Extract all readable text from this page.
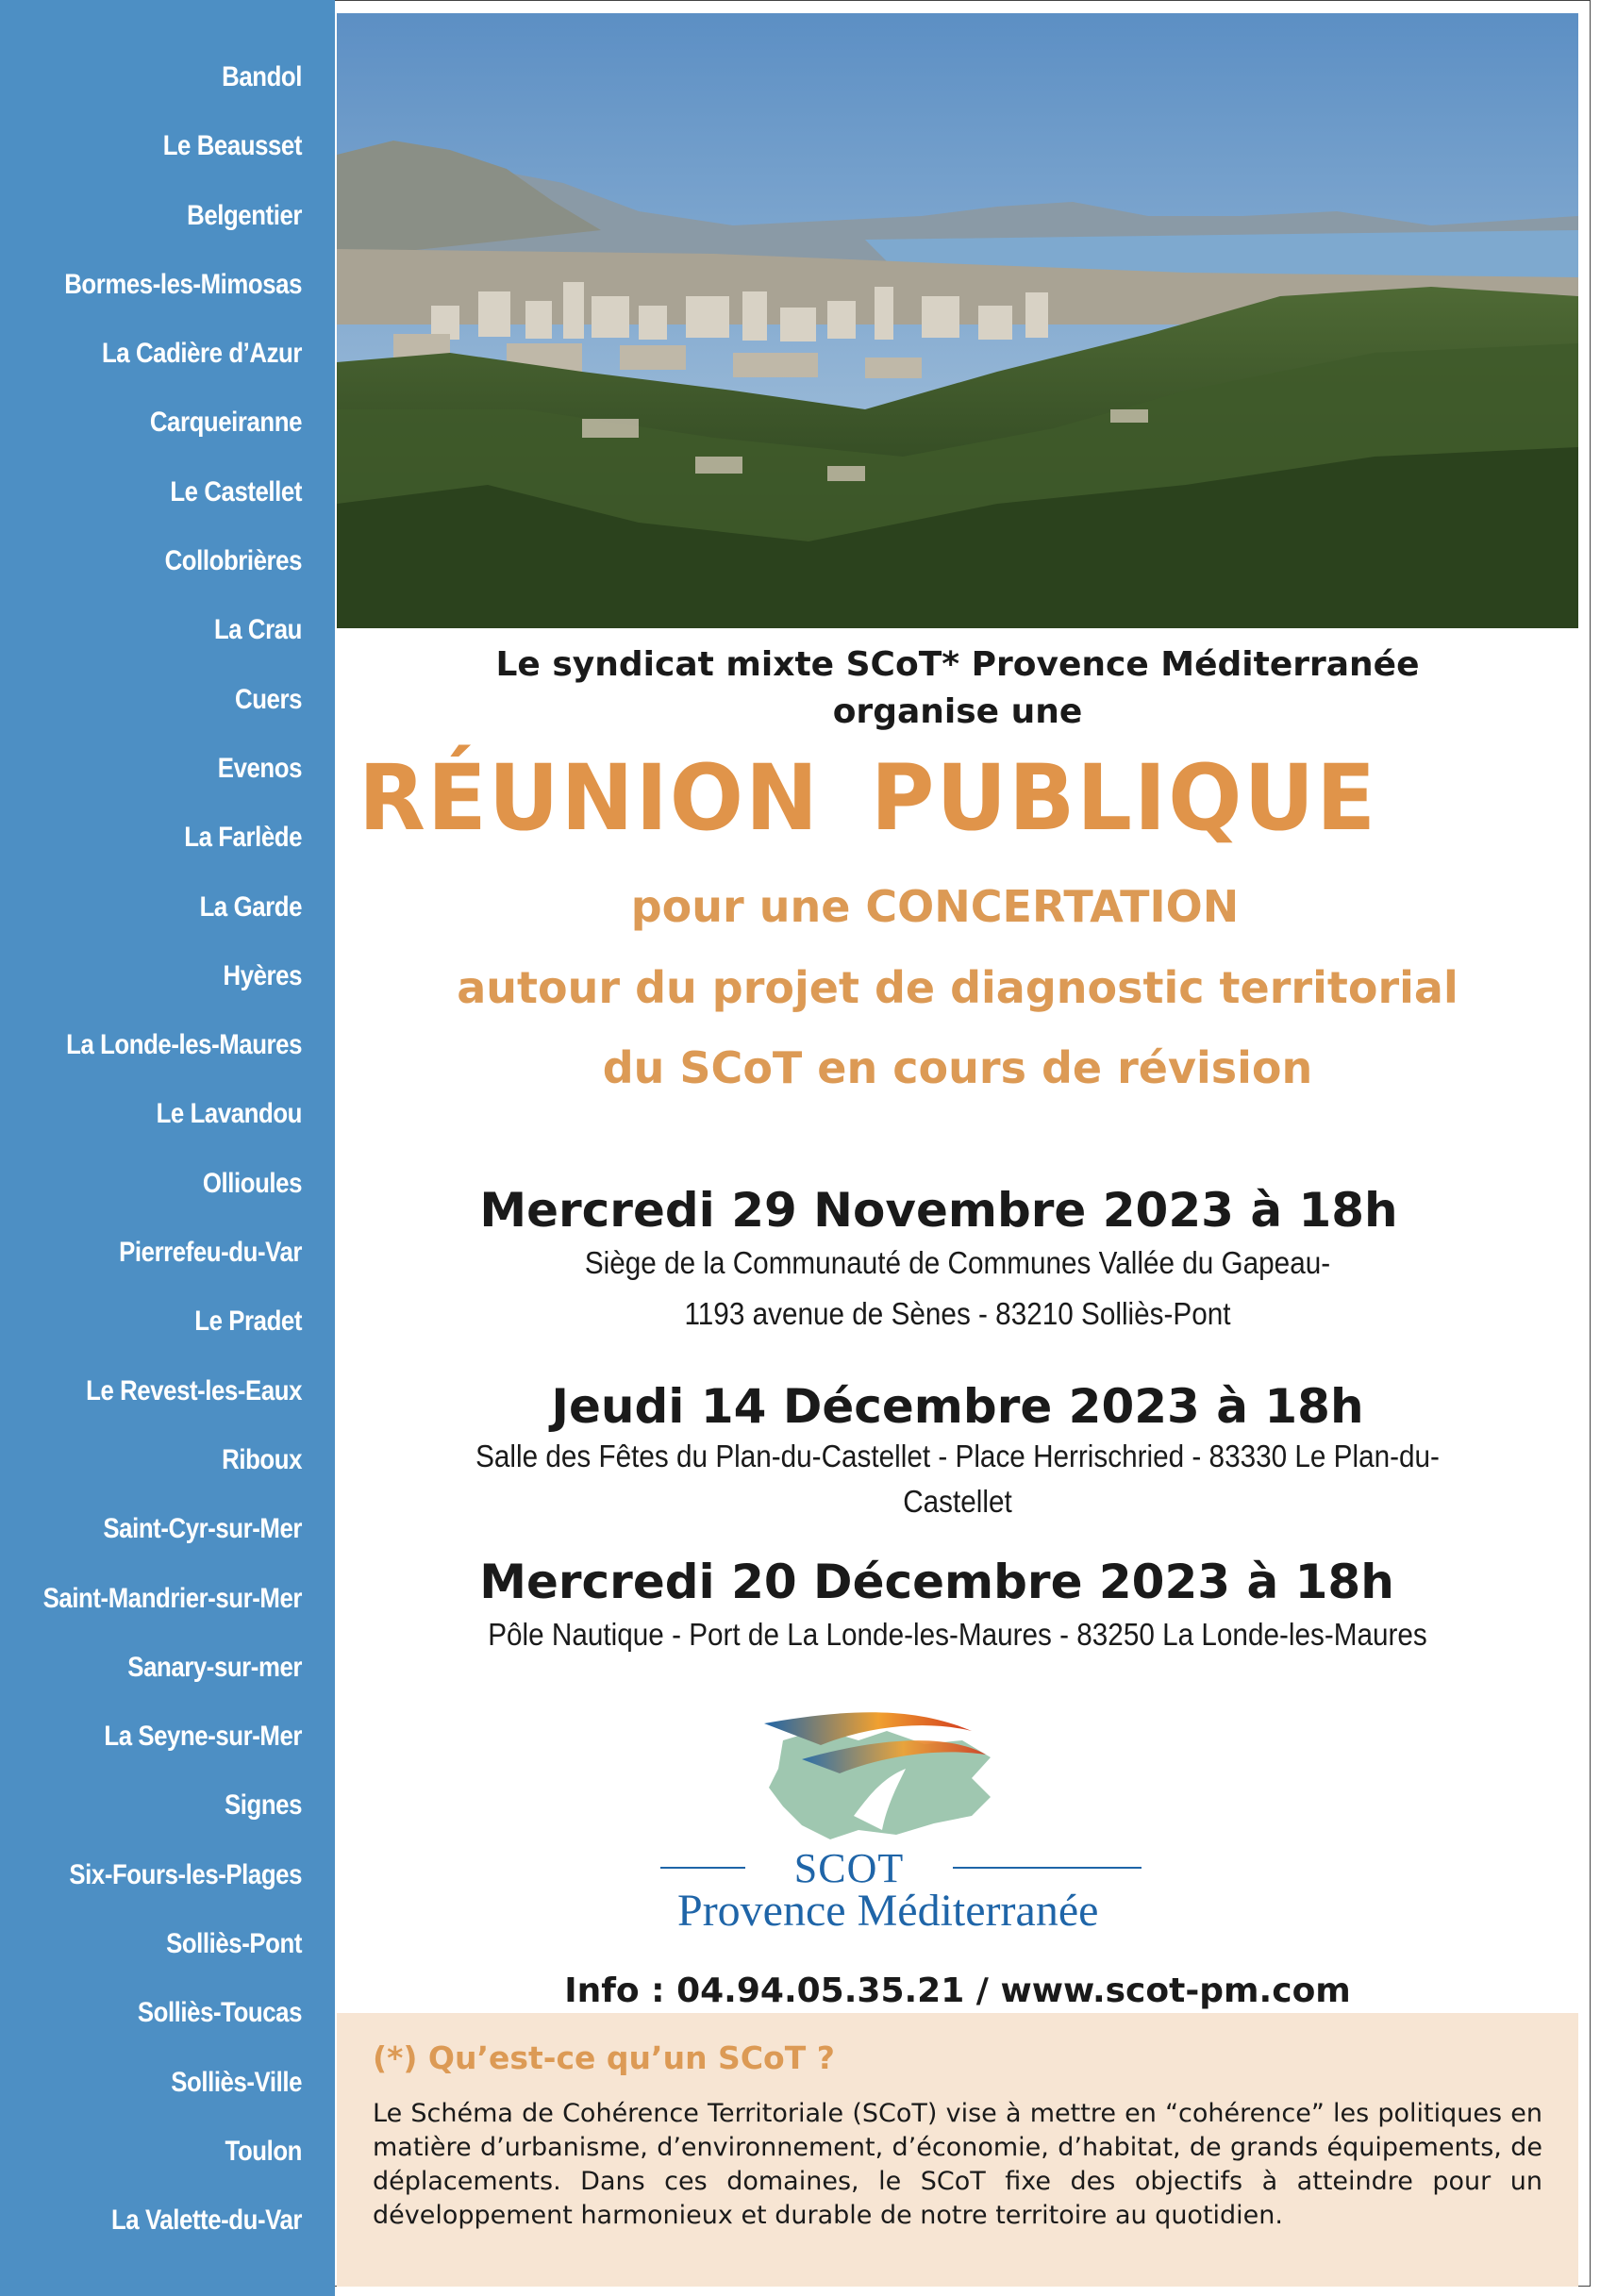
Bandol
Le Beausset
Belgentier
Bormes-les-Mimosas
La Cadière d’Azur
Carqueiranne
Le Castellet
Collobrières
La Crau
Cuers
Evenos
La Farlède
La Garde
Hyères
La Londe-les-Maures
Le Lavandou
Ollioules
Pierrefeu-du-Var
Le Pradet
Le Revest-les-Eaux
Riboux
Saint-Cyr-sur-Mer
Saint-Mandrier-sur-Mer
Sanary-sur-mer
La Seyne-sur-Mer
Signes
Six-Fours-les-Plages
Solliès-Pont
Solliès-Toucas
Solliès-Ville
Toulon
La Valette-du-Var
Le syndicat mixte SCoT* Provence Méditerranée
organise une
RÉUNION PUBLIQUE
pour une CONCERTATION
autour du projet de diagnostic territorial
du SCoT en cours de révision
Mercredi 29 Novembre 2023 à 18h
Siège de la Communauté de Communes Vallée du Gapeau-
1193 avenue de Sènes - 83210 Solliès-Pont
Jeudi 14 Décembre 2023 à 18h
Salle des Fêtes du Plan-du-Castellet - Place Herrischried - 83330 Le Plan-du-
Castellet
Mercredi 20 Décembre 2023 à 18h
Pôle Nautique - Port de La Londe-les-Maures - 83250 La Londe-les-Maures
SCOT
Provence Méditerranée
Info : 04.94.05.35.21 / www.scot-pm.com
(*) Qu’est-ce qu’un SCoT ?
Le Schéma de Cohérence Territoriale (SCoT) vise à mettre en “cohérence” les politiques en matière d’urbanisme, d’environnement, d’économie, d’habitat, de grands équipements, de déplacements. Dans ces domaines, le SCoT fixe des objectifs à atteindre pour un développement harmonieux et durable de notre territoire au quotidien.
